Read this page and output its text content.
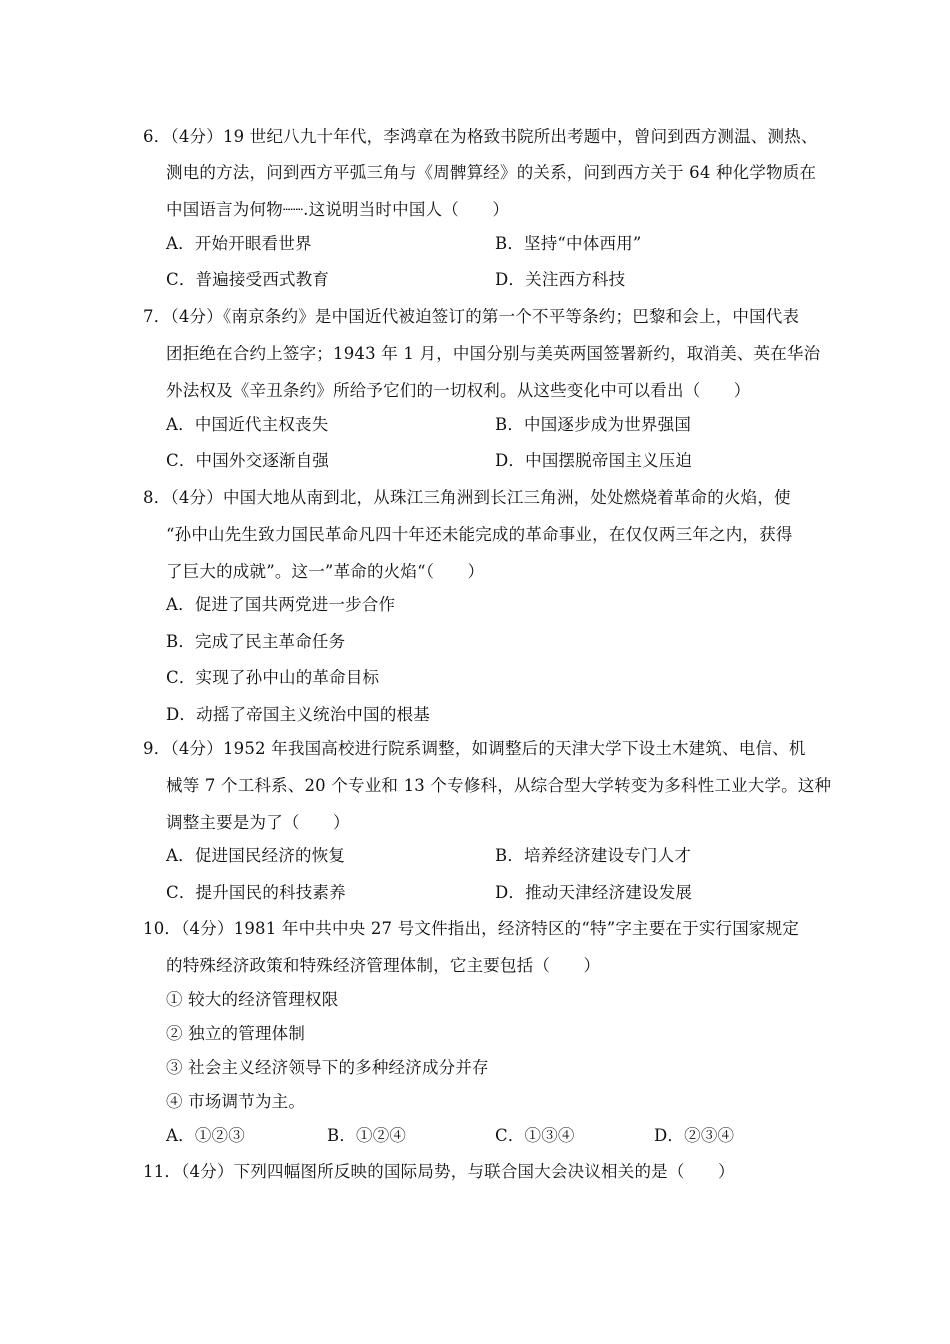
6．（4分）19 世纪八九十年代，李鸿章在为格致书院所出考题中，曾问到西方测温、测热、
测电的方法，问到西方平弧三角与《周髀算经》的关系，问到西方关于 64 种化学物质在
中国语言为何物┈┈.这说明当时中国人（　　）
A．开始开眼看世界	B．坚持“中体西用”
C．普遍接受西式教育	D．关注西方科技
7．（4分）《南京条约》是中国近代被迫签订的第一个不平等条约；巴黎和会上，中国代表
团拒绝在合约上签字；1943 年 1 月，中国分别与美英两国签署新约，取消美、英在华治
外法权及《辛丑条约》所给予它们的一切权利。从这些变化中可以看出（　　）
A．中国近代主权丧失	B．中国逐步成为世界强国
C．中国外交逐渐自强	D．中国摆脱帝国主义压迫
8．（4分）中国大地从南到北，从珠江三角洲到长江三角洲，处处燃烧着革命的火焰，使
“孙中山先生致力国民革命凡四十年还未能完成的革命事业，在仅仅两三年之内，获得
了巨大的成就”。这一”革命的火焰“（　　）
A．促进了国共两党进一步合作
B．完成了民主革命任务
C．实现了孙中山的革命目标
D．动摇了帝国主义统治中国的根基
9．（4分）1952 年我国高校进行院系调整，如调整后的天津大学下设土木建筑、电信、机
械等 7 个工科系、20 个专业和 13 个专修科，从综合型大学转变为多科性工业大学。这种
调整主要是为了（　　）
A．促进国民经济的恢复	B．培养经济建设专门人才
C．提升国民的科技素养	D．推动天津经济建设发展
10．（4分）1981 年中共中央 27 号文件指出，经济特区的“特”字主要在于实行国家规定
的特殊经济政策和特殊经济管理体制，它主要包括（　　）
① 较大的经济管理权限
② 独立的管理体制
③ 社会主义经济领导下的多种经济成分并存
④ 市场调节为主。
A．①②③	B．①②④	C．①③④	D．②③④
11．（4分）下列四幅图所反映的国际局势，与联合国大会决议相关的是（　　）
